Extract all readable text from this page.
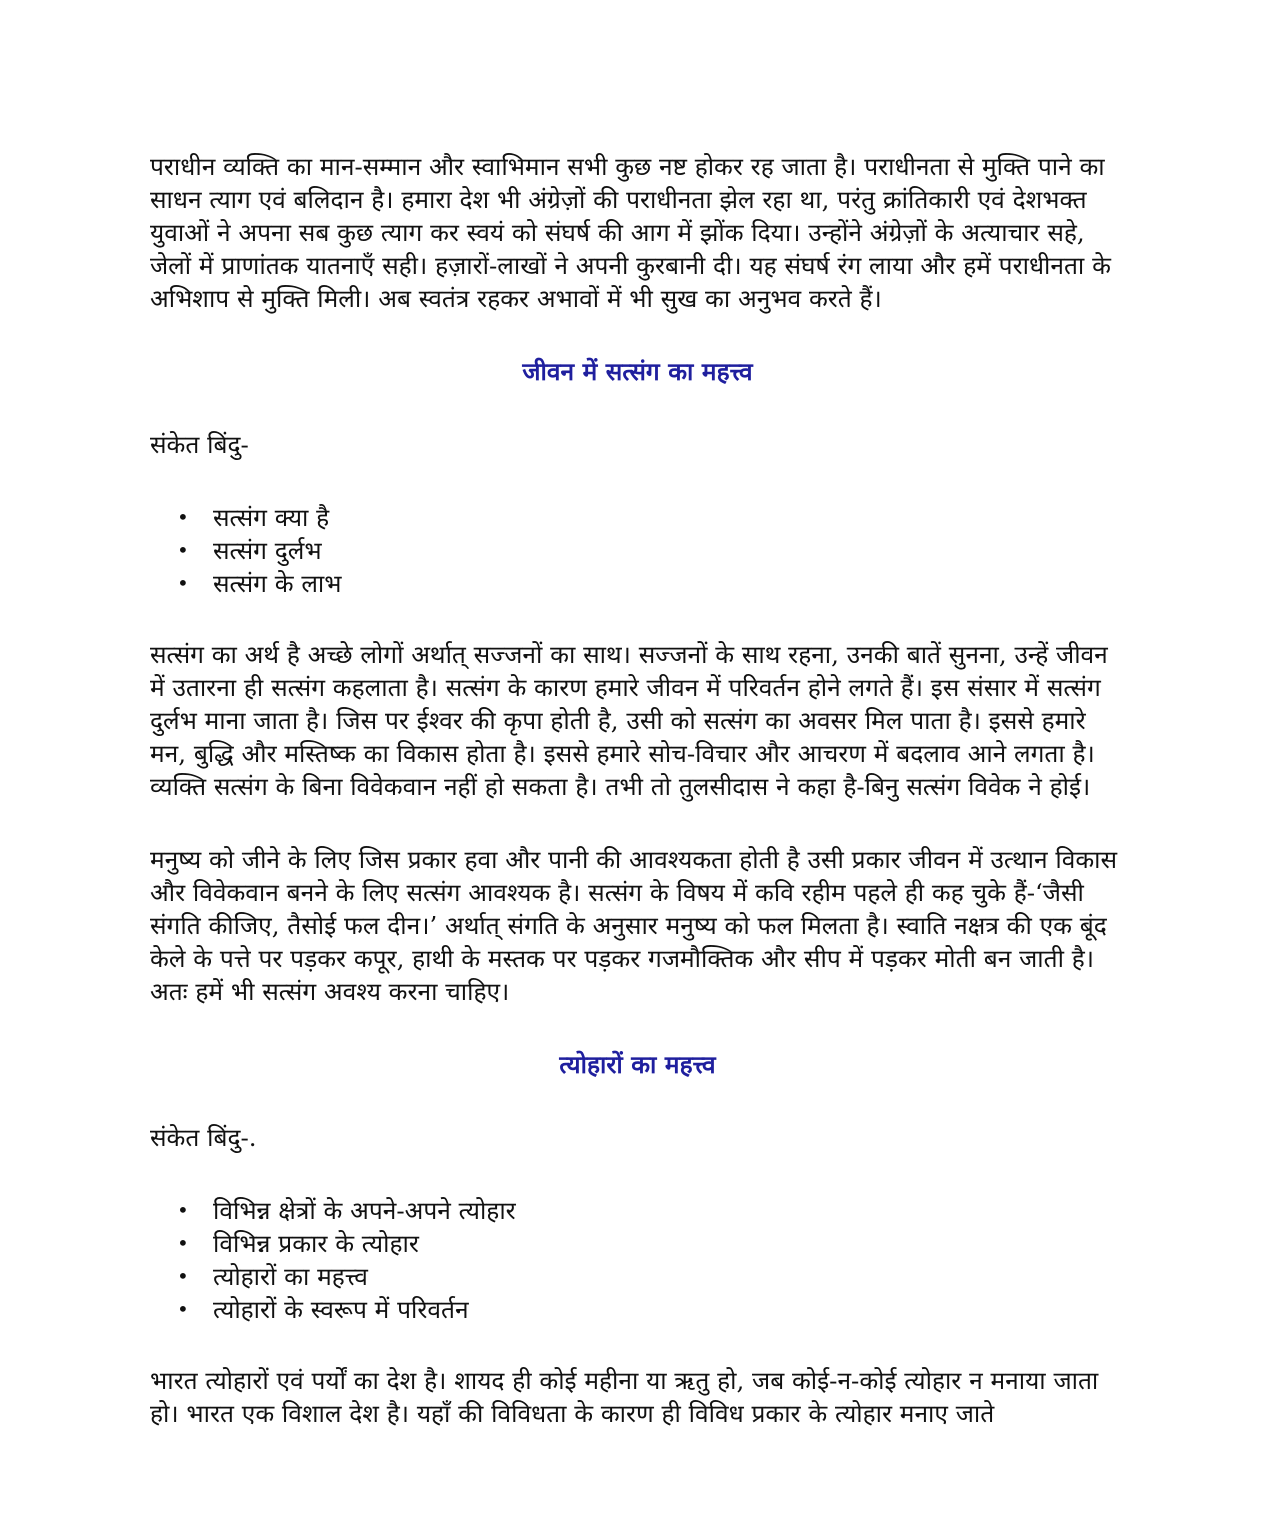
पराधीन व्यक्ति का मान-सम्मान और स्वाभिमान सभी कुछ नष्ट होकर रह जाता है। पराधीनता से मुक्ति पाने का साधन त्याग एवं बलिदान है। हमारा देश भी अंग्रेज़ों की पराधीनता झेल रहा था, परंतु क्रांतिकारी एवं देशभक्त युवाओं ने अपना सब कुछ त्याग कर स्वयं को संघर्ष की आग में झोंक दिया। उन्होंने अंग्रेज़ों के अत्याचार सहे, जेलों में प्राणांतक यातनाएँ सही। हज़ारों-लाखों ने अपनी कुरबानी दी। यह संघर्ष रंग लाया और हमें पराधीनता के अभिशाप से मुक्ति मिली। अब स्वतंत्र रहकर अभावों में भी सुख का अनुभव करते हैं।

जीवन में सत्संग का महत्त्व

संकेत बिंदु-

• सत्संग क्या है
• सत्संग दुर्लभ
• सत्संग के लाभ

सत्संग का अर्थ है अच्छे लोगों अर्थात् सज्जनों का साथ। सज्जनों के साथ रहना, उनकी बातें सुनना, उन्हें जीवन में उतारना ही सत्संग कहलाता है। सत्संग के कारण हमारे जीवन में परिवर्तन होने लगते हैं। इस संसार में सत्संग दुर्लभ माना जाता है। जिस पर ईश्वर की कृपा होती है, उसी को सत्संग का अवसर मिल पाता है। इससे हमारे मन, बुद्धि और मस्तिष्क का विकास होता है। इससे हमारे सोच-विचार और आचरण में बदलाव आने लगता है। व्यक्ति सत्संग के बिना विवेकवान नहीं हो सकता है। तभी तो तुलसीदास ने कहा है-बिनु सत्संग विवेक ने होई।

मनुष्य को जीने के लिए जिस प्रकार हवा और पानी की आवश्यकता होती है उसी प्रकार जीवन में उत्थान विकास और विवेकवान बनने के लिए सत्संग आवश्यक है। सत्संग के विषय में कवि रहीम पहले ही कह चुके हैं-‘जैसी संगति कीजिए, तैसोई फल दीन।’ अर्थात् संगति के अनुसार मनुष्य को फल मिलता है। स्वाति नक्षत्र की एक बूंद केले के पत्ते पर पड़कर कपूर, हाथी के मस्तक पर पड़कर गजमौक्तिक और सीप में पड़कर मोती बन जाती है। अतः हमें भी सत्संग अवश्य करना चाहिए।

त्योहारों का महत्त्व

संकेत बिंदु-.

• विभिन्न क्षेत्रों के अपने-अपने त्योहार
• विभिन्न प्रकार के त्योहार
• त्योहारों का महत्त्व
• त्योहारों के स्वरूप में परिवर्तन

भारत त्योहारों एवं पर्यों का देश है। शायद ही कोई महीना या ऋतु हो, जब कोई-न-कोई त्योहार न मनाया जाता हो। भारत एक विशाल देश है। यहाँ की विविधता के कारण ही विविध प्रकार के त्योहार मनाए जाते
